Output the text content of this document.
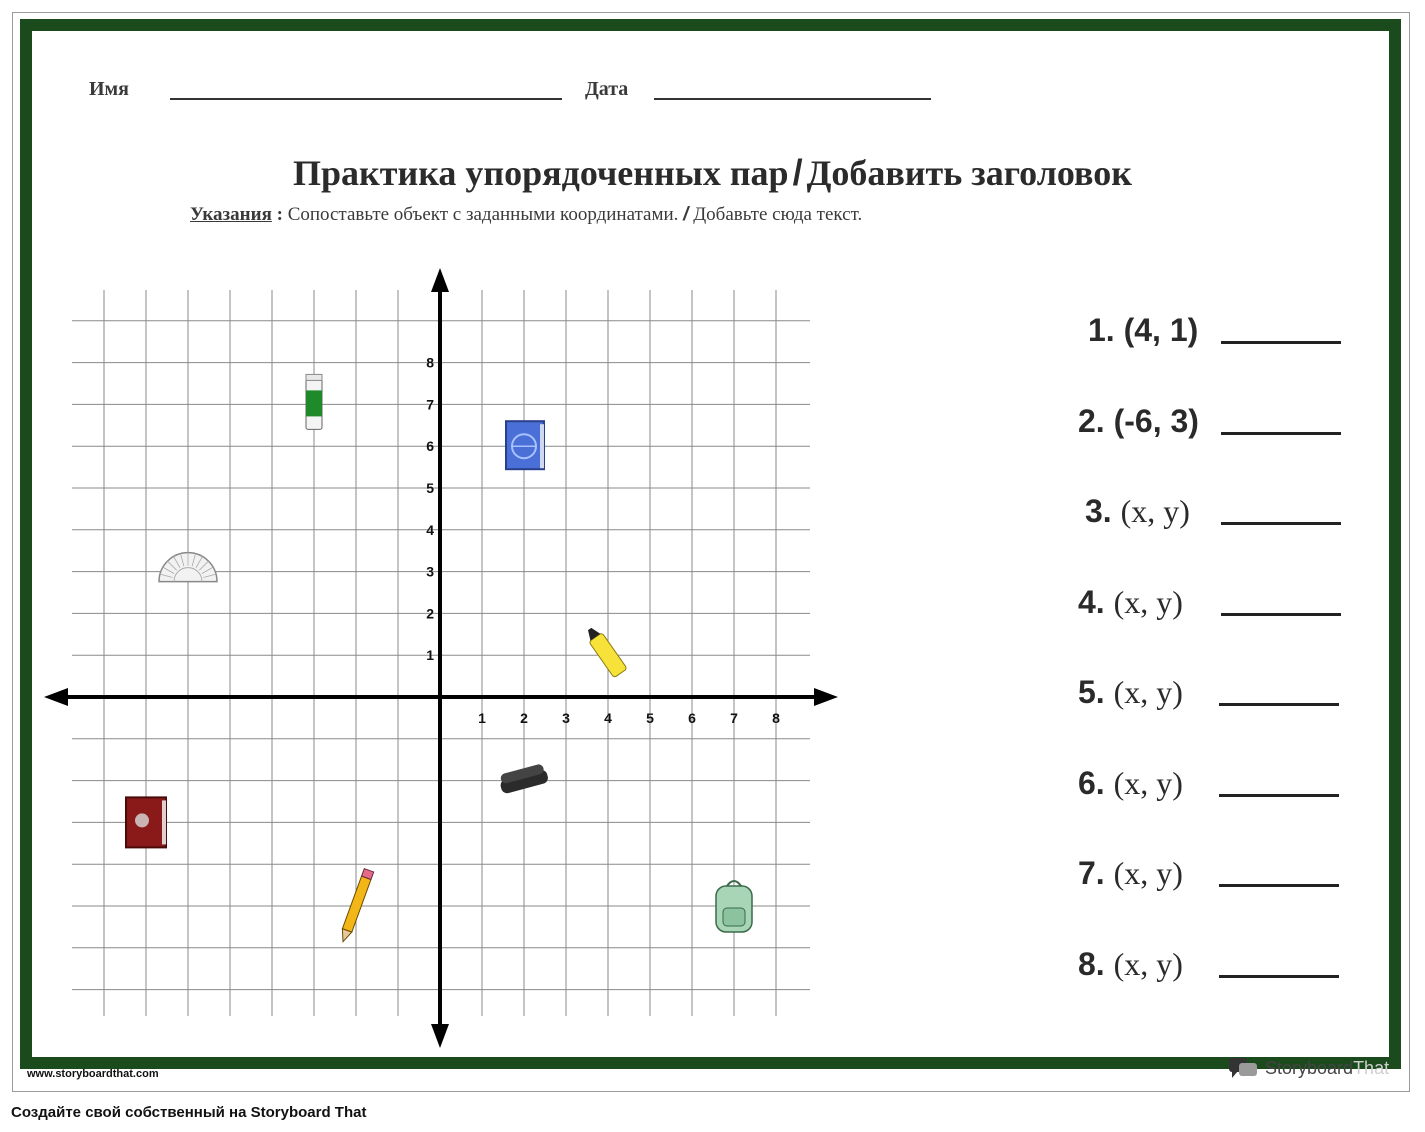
Имя	Дата
Практика упорядоченных пар / Добавить заголовок
Указания : Сопоставьте объект с заданными координатами. / Добавьте сюда текст.
1 2 3 4 5 6 7 8
1
2
3
4
5
6
7
8
1. (4, 1)
2. (-6, 3)
3. (x, y)
4. (x, y)
5. (x, y)
6. (x, y)
7. (x, y)
8. (x, y)
www.storyboardthat.com	Storyboard That
Создайте свой собственный на Storyboard That
